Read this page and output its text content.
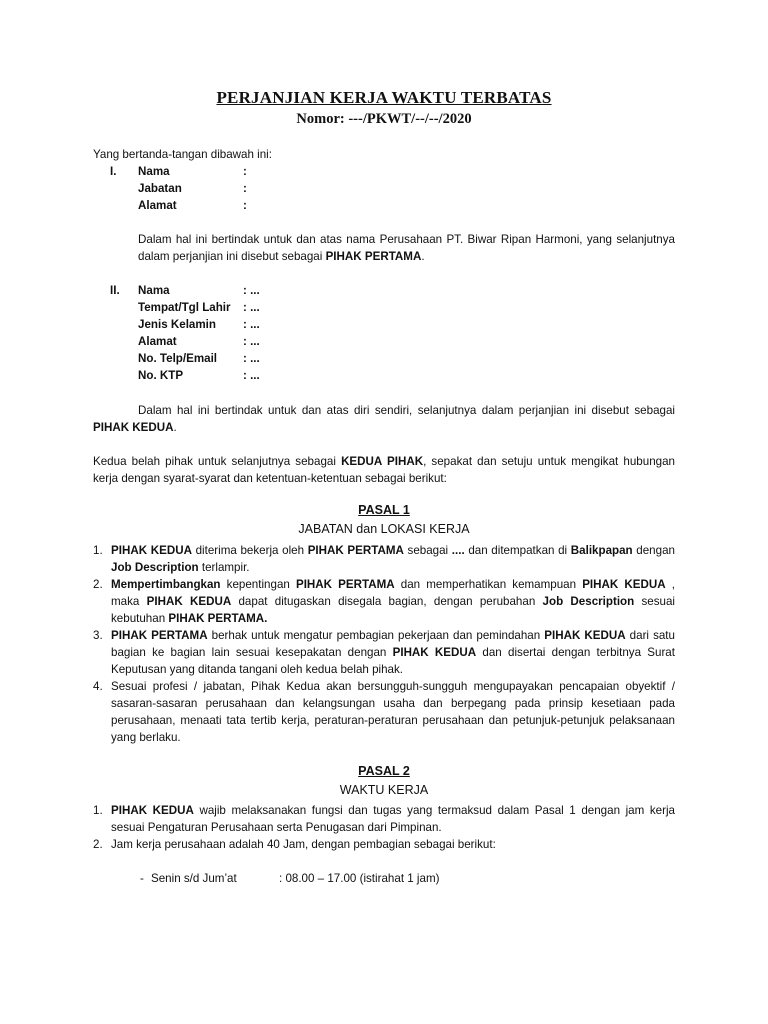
PERJANJIAN KERJA WAKTU TERBATAS
Nomor: ---/PKWT/--/--/2020
Yang bertanda-tangan dibawah ini:
I. Nama	:
Jabatan	:
Alamat	:
Dalam hal ini bertindak untuk dan atas nama Perusahaan PT. Biwar Ripan Harmoni, yang selanjutnya dalam perjanjian ini disebut sebagai PIHAK PERTAMA.
II. Nama	: ...
Tempat/Tgl Lahir : ...
Jenis Kelamin : ...
Alamat	: ...
No. Telp/Email : ...
No. KTP	: ...
Dalam hal ini bertindak untuk dan atas diri sendiri, selanjutnya dalam perjanjian ini disebut sebagai PIHAK KEDUA.
Kedua belah pihak untuk selanjutnya sebagai KEDUA PIHAK, sepakat dan setuju untuk mengikat hubungan kerja dengan syarat-syarat dan ketentuan-ketentuan sebagai berikut:
PASAL 1
JABATAN dan LOKASI KERJA
1. PIHAK KEDUA diterima bekerja oleh PIHAK PERTAMA sebagai .... dan ditempatkan di Balikpapan dengan Job Description terlampir.
2. Mempertimbangkan kepentingan PIHAK PERTAMA dan memperhatikan kemampuan PIHAK KEDUA , maka PIHAK KEDUA dapat ditugaskan disegala bagian, dengan perubahan Job Description sesuai kebutuhan PIHAK PERTAMA.
3. PIHAK PERTAMA berhak untuk mengatur pembagian pekerjaan dan pemindahan PIHAK KEDUA dari satu bagian ke bagian lain sesuai kesepakatan dengan PIHAK KEDUA dan disertai dengan terbitnya Surat Keputusan yang ditanda tangani oleh kedua belah pihak.
4. Sesuai profesi / jabatan, Pihak Kedua akan bersungguh-sungguh mengupayakan pencapaian obyektif / sasaran-sasaran perusahaan dan kelangsungan usaha dan berpegang pada prinsip kesetiaan pada perusahaan, menaati tata tertib kerja, peraturan-peraturan perusahaan dan petunjuk-petunjuk pelaksanaan yang berlaku.
PASAL 2
WAKTU KERJA
1. PIHAK KEDUA wajib melaksanakan fungsi dan tugas yang termaksud dalam Pasal 1 dengan jam kerja sesuai Pengaturan Perusahaan serta Penugasan dari Pimpinan.
2. Jam kerja perusahaan adalah 40 Jam, dengan pembagian sebagai berikut:
- Senin s/d Jum’at	: 08.00 – 17.00 (istirahat 1 jam)
